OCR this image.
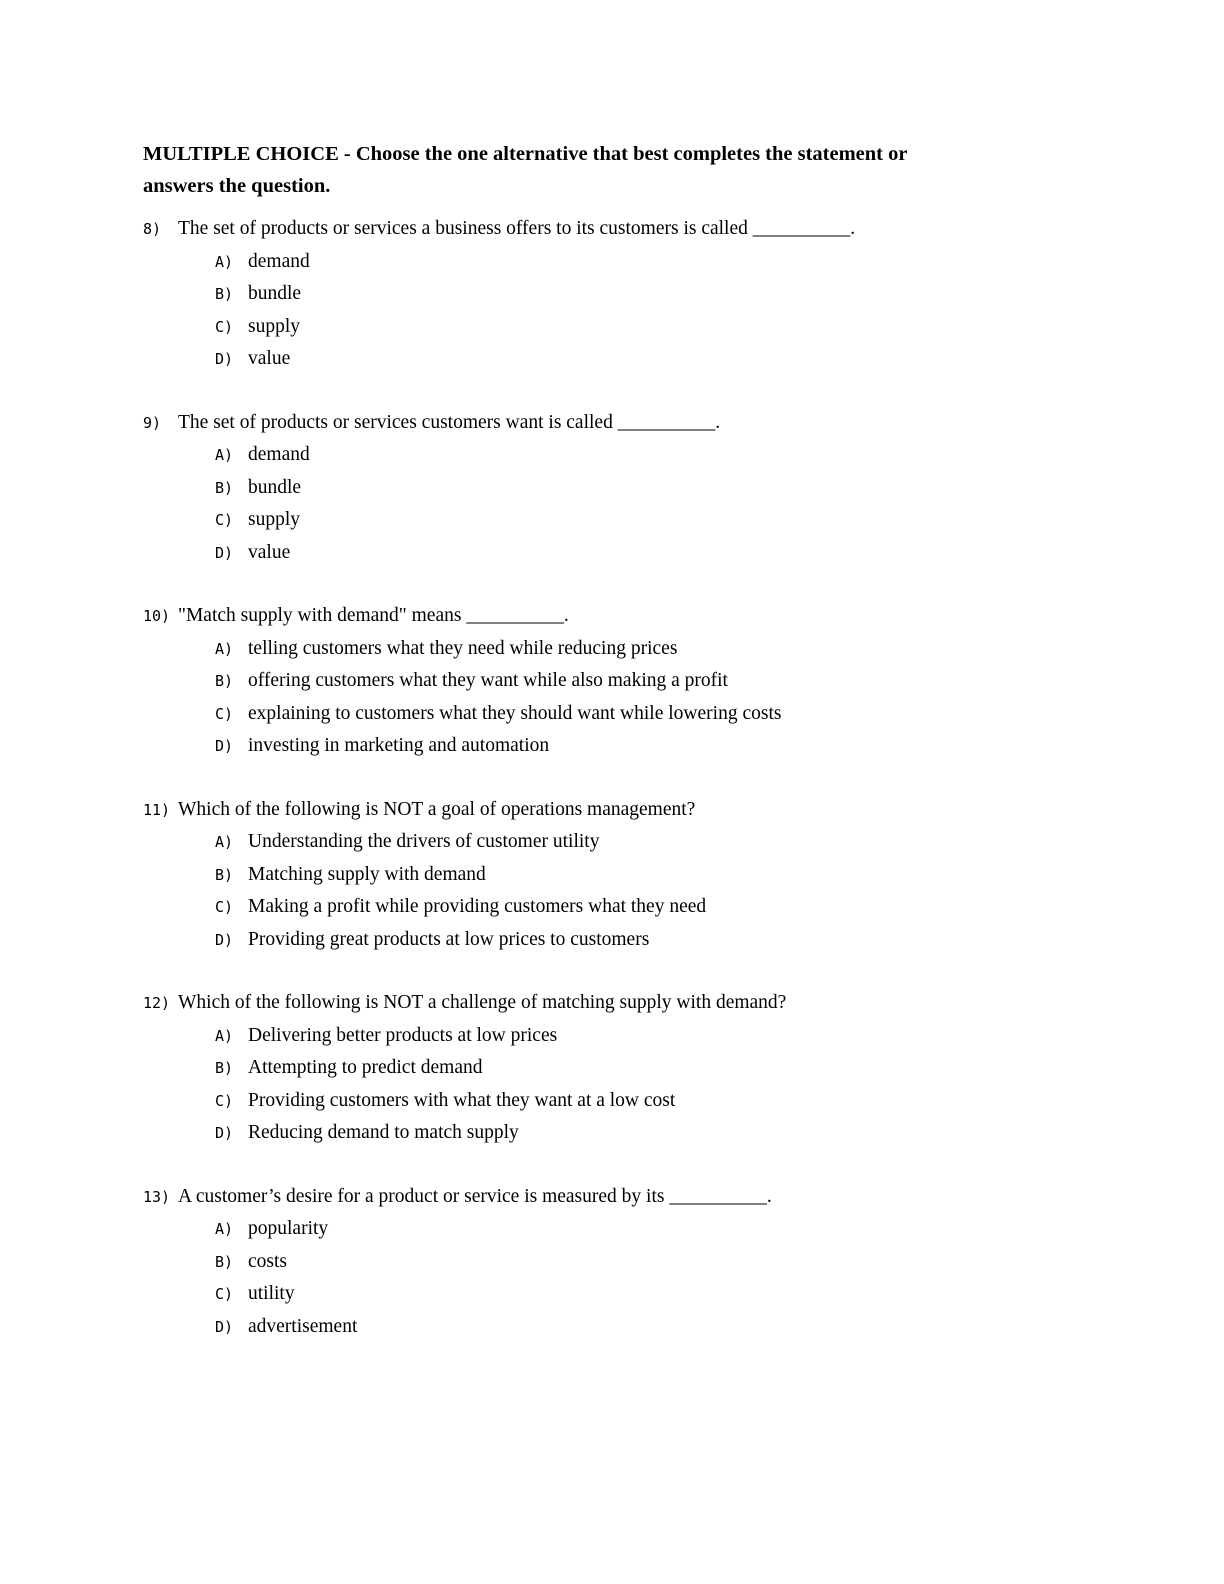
MULTIPLE CHOICE - Choose the one alternative that best completes the statement or
answers the question.
8) The set of products or services a business offers to its customers is called __________.
A) demand
B) bundle
C) supply
D) value
9) The set of products or services customers want is called __________.
A) demand
B) bundle
C) supply
D) value
10) "Match supply with demand" means __________.
A) telling customers what they need while reducing prices
B) offering customers what they want while also making a profit
C) explaining to customers what they should want while lowering costs
D) investing in marketing and automation
11) Which of the following is NOT a goal of operations management?
A) Understanding the drivers of customer utility
B) Matching supply with demand
C) Making a profit while providing customers what they need
D) Providing great products at low prices to customers
12) Which of the following is NOT a challenge of matching supply with demand?
A) Delivering better products at low prices
B) Attempting to predict demand
C) Providing customers with what they want at a low cost
D) Reducing demand to match supply
13) A customer’s desire for a product or service is measured by its __________.
A) popularity
B) costs
C) utility
D) advertisement
